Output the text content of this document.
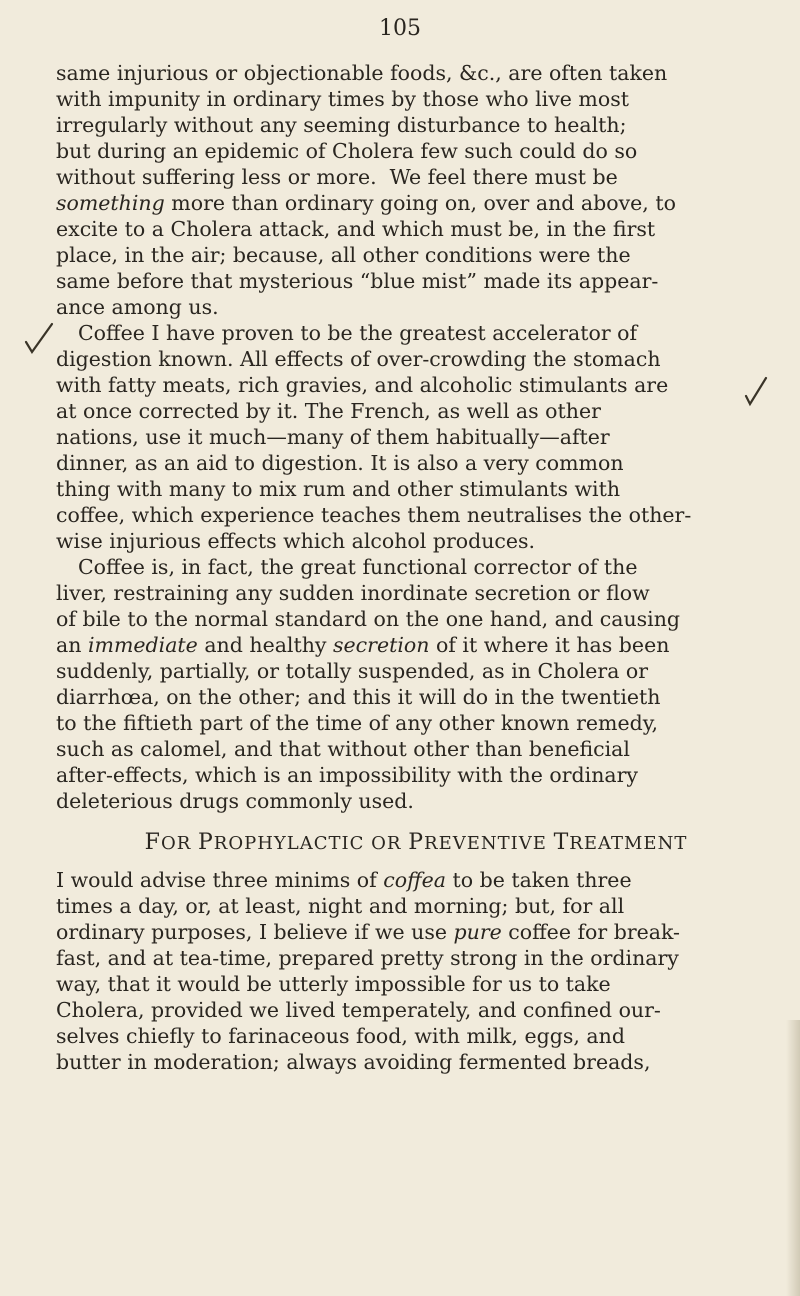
105
same injurious or objectionable foods, &c., are often taken
with impunity in ordinary times by those who live most
irregularly without any seeming disturbance to health;
but during an epidemic of Cholera few such could do so
without suffering less or more.  We feel there must be
something more than ordinary going on, over and above, to
excite to a Cholera attack, and which must be, in the first
place, in the air; because, all other conditions were the
same before that mysterious “blue mist” made its appear-
ance among us.
Coffee I have proven to be the greatest accelerator of
digestion known. All effects of over-crowding the stomach
with fatty meats, rich gravies, and alcoholic stimulants are
at once corrected by it. The French, as well as other
nations, use it much—many of them habitually—after
dinner, as an aid to digestion. It is also a very common
thing with many to mix rum and other stimulants with
coffee, which experience teaches them neutralises the other-
wise injurious effects which alcohol produces.
Coffee is, in fact, the great functional corrector of the
liver, restraining any sudden inordinate secretion or flow
of bile to the normal standard on the one hand, and causing
an immediate and healthy secretion of it where it has been
suddenly, partially, or totally suspended, as in Cholera or
diarrhœa, on the other; and this it will do in the twentieth
to the fiftieth part of the time of any other known remedy,
such as calomel, and that without other than beneficial
after-effects, which is an impossibility with the ordinary
deleterious drugs commonly used.
FOR PROPHYLACTIC OR PREVENTIVE TREATMENT
I would advise three minims of coffea to be taken three
times a day, or, at least, night and morning; but, for all
ordinary purposes, I believe if we use pure coffee for break-
fast, and at tea-time, prepared pretty strong in the ordinary
way, that it would be utterly impossible for us to take
Cholera, provided we lived temperately, and confined our-
selves chiefly to farinaceous food, with milk, eggs, and
butter in moderation; always avoiding fermented breads,
